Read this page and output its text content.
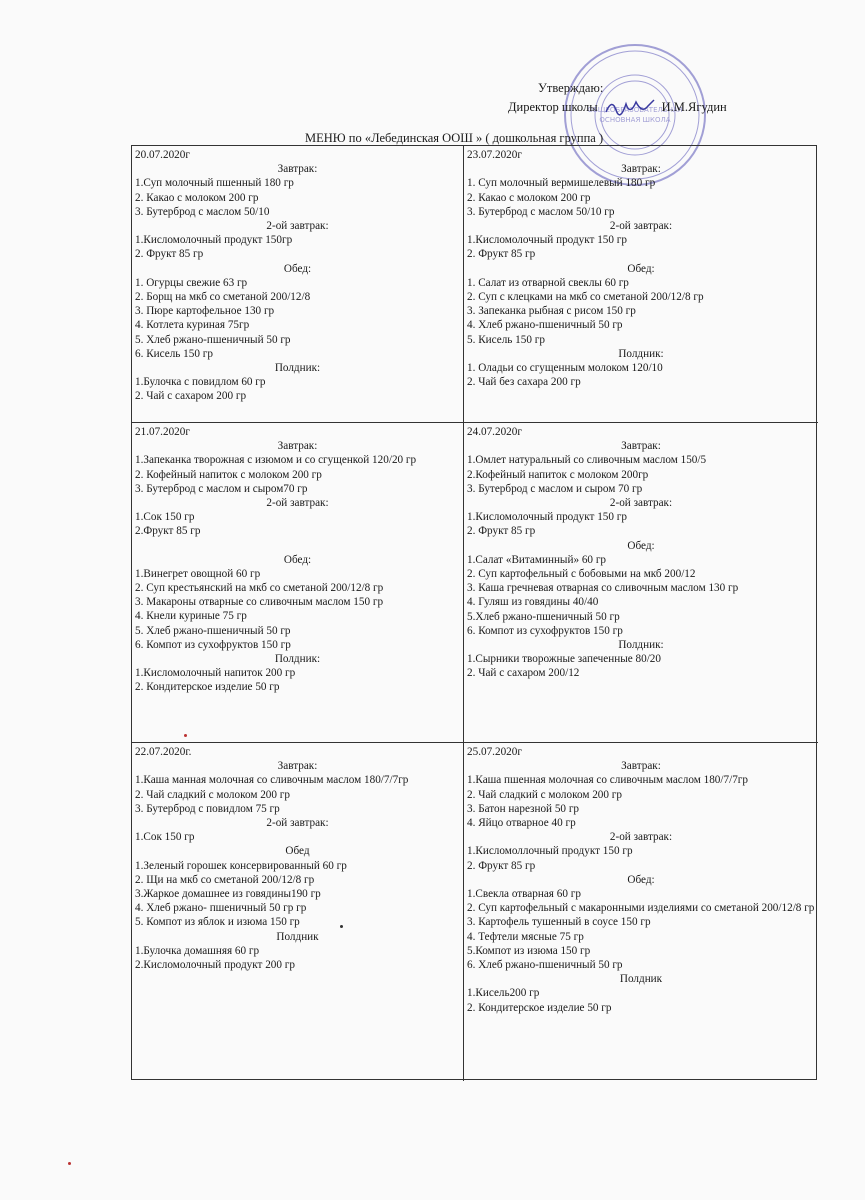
ОБЩЕОБРАЗОВАТЕЛЬНАЯ
ОСНОВНАЯ ШКОЛА
Утверждаю:
Директор школы	И.М.Ягудин
МЕНЮ по «Лебединская ООШ » ( дошкольная группа )
20.07.2020г
Завтрак:
1.Суп молочный пшенный 180 гр
2. Какао с молоком 200 гр
3. Бутерброд с маслом 50/10
2-ой завтрак:
1.Кисломолочный продукт 150гр
2. Фрукт 85 гр
Обед:
1. Огурцы свежие 63 гр
2. Борщ на мкб со сметаной 200/12/8
3. Пюре картофельное 130 гр
4. Котлета куриная 75гр
5. Хлеб ржано-пшеничный 50 гр
6. Кисель 150 гр
Полдник:
1.Булочка с повидлом 60 гр
2. Чай с сахаром 200 гр
23.07.2020г
Завтрак:
1. Суп молочный вермишелевый 180 гр
2. Какао с молоком 200 гр
3. Бутерброд с маслом 50/10 гр
2-ой завтрак:
1.Кисломолочный продукт 150 гр
2. Фрукт 85 гр
Обед:
1. Салат из отварной свеклы 60 гр
2. Суп с клецками на мкб со сметаной 200/12/8 гр
3. Запеканка рыбная с рисом 150 гр
4. Хлеб ржано-пшеничный 50 гр
5. Кисель 150 гр
Полдник:
1. Оладьи со сгущенным молоком 120/10
2. Чай без сахара 200 гр
21.07.2020г
Завтрак:
1.Запеканка творожная с изюмом и со сгущенкой 120/20 гр
2. Кофейный напиток с молоком 200 гр
3. Бутерброд с маслом и сыром70 гр
2-ой завтрак:
1.Сок 150 гр
2.Фрукт 85 гр
Обед:
1.Винегрет овощной 60 гр
2. Суп крестьянский на мкб со сметаной 200/12/8 гр
3. Макароны отварные со сливочным маслом 150 гр
4. Кнели куриные 75 гр
5. Хлеб ржано-пшеничный 50 гр
6. Компот из сухофруктов 150 гр
Полдник:
1.Кисломолочный напиток 200 гр
2. Кондитерское изделие 50 гр
24.07.2020г
Завтрак:
1.Омлет натуральный со сливочным маслом 150/5
2.Кофейный напиток с молоком 200гр
3. Бутерброд с маслом и сыром 70 гр
2-ой завтрак:
1.Кисломолочный продукт 150 гр
2. Фрукт 85 гр
Обед:
1.Салат «Витаминный» 60 гр
2. Суп картофельный с бобовыми на мкб 200/12
3. Каша гречневая отварная со сливочным маслом 130 гр
4. Гуляш из говядины 40/40
5.Хлеб ржано-пшеничный 50 гр
6. Компот из сухофруктов 150 гр
Полдник:
1.Сырники творожные запеченные 80/20
2. Чай с сахаром 200/12
22.07.2020г.
Завтрак:
1.Каша манная молочная со сливочным маслом 180/7/7гр
2. Чай сладкий с молоком 200 гр
3. Бутерброд с повидлом 75 гр
2-ой завтрак:
1.Сок 150 гр
Обед
1.Зеленый горошек консервированный 60 гр
2. Щи на мкб со сметаной 200/12/8 гр
3.Жаркое домашнее из говядины190 гр
4. Хлеб ржано- пшеничный 50 гр гр
5. Компот из яблок и изюма 150 гр
Полдник
1.Булочка домашняя 60 гр
2.Кисломолочный продукт 200 гр
25.07.2020г
Завтрак:
1.Каша пшенная молочная со сливочным маслом 180/7/7гр
2. Чай сладкий с молоком 200 гр
3. Батон нарезной 50 гр
4. Яйцо отварное 40 гр
2-ой завтрак:
1.Кисломоллочный продукт 150 гр
2. Фрукт 85 гр
Обед:
1.Свекла отварная 60 гр
2. Суп картофельный с макаронными изделиями со сметаной 200/12/8 гр
3. Картофель тушенный в соусе 150 гр
4. Тефтели мясные 75 гр
5.Компот из изюма 150 гр
6. Хлеб ржано-пшеничный 50 гр
Полдник
1.Кисель200 гр
2. Кондитерское изделие 50 гр
